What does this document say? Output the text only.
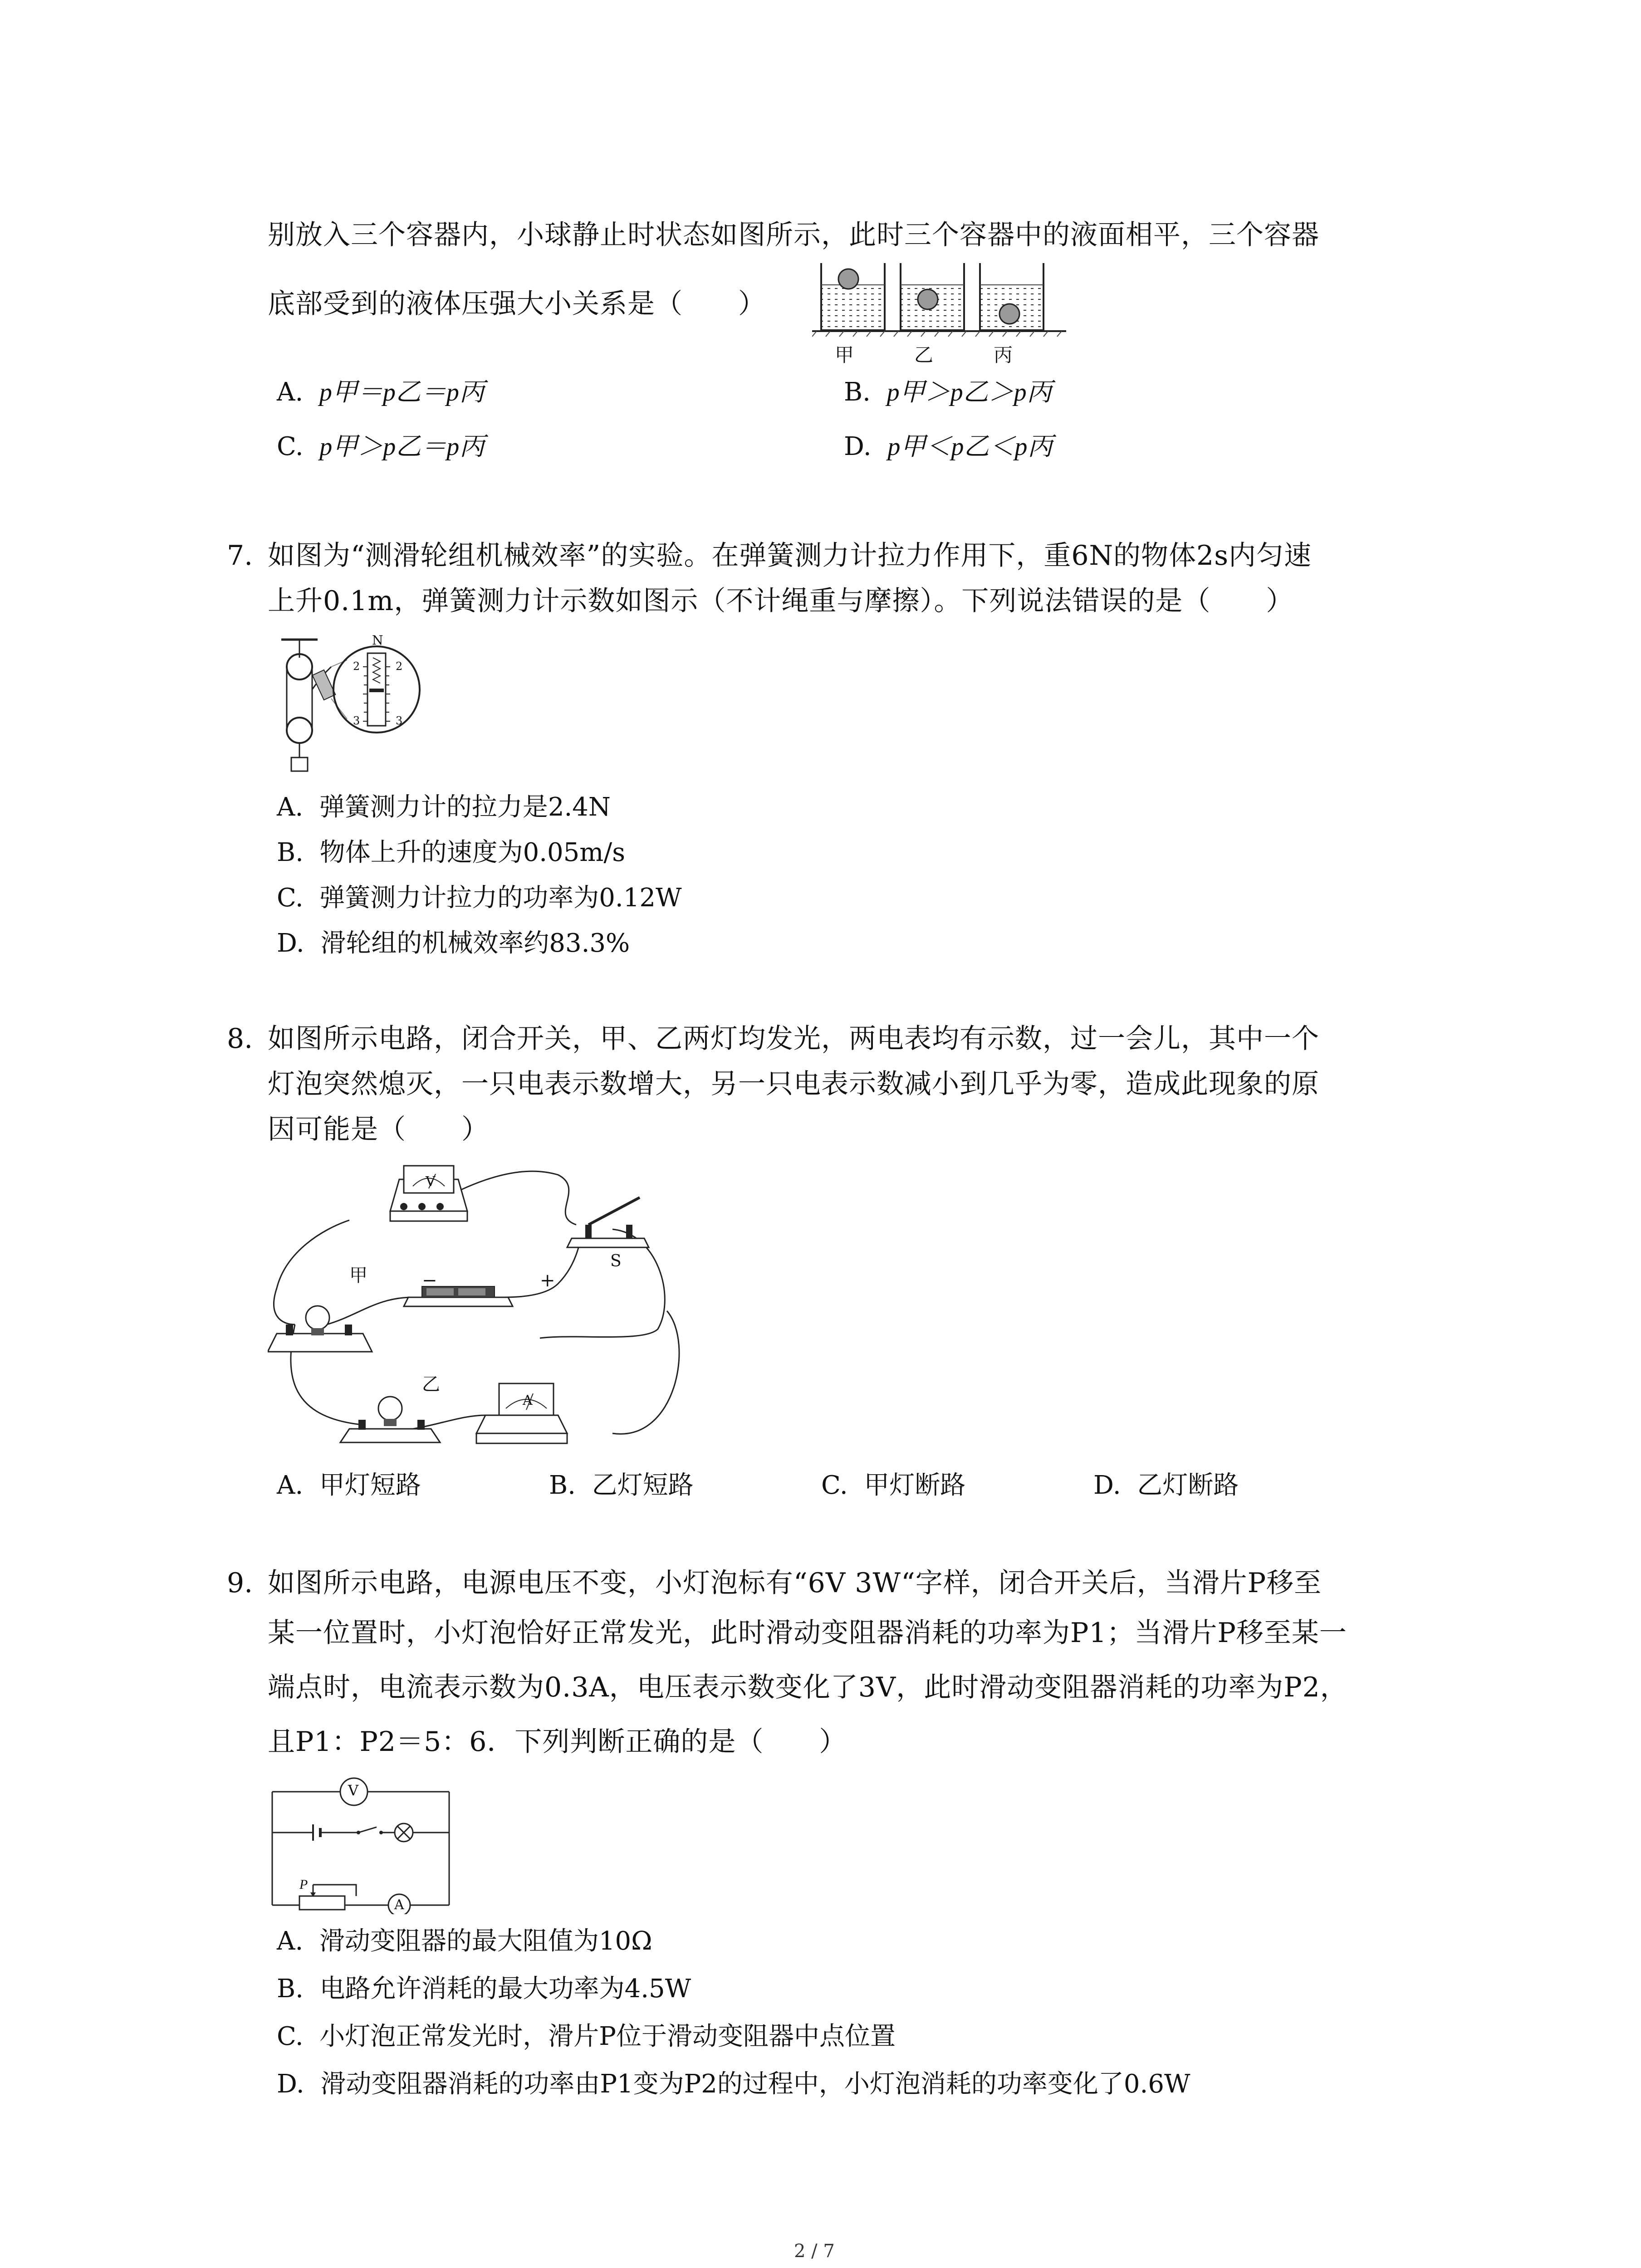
别放入三个容器内，小球静止时状态如图所示，此时三个容器中的液面相平，三个容器
底部受到的液体压强大小关系是（　　）
甲	乙	丙
A. p甲＝p乙＝p丙	B. p甲＞p乙＞p丙
C. p甲＞p乙＝p丙	D. p甲＜p乙＜p丙
7. 如图为“测滑轮组机械效率”的实验。在弹簧测力计拉力作用下，重6N的物体2s内匀速
上升0.1m，弹簧测力计示数如图示（不计绳重与摩擦）。下列说法错误的是（　　）
N
2
3
2
3
A. 弹簧测力计的拉力是2.4N
B. 物体上升的速度为0.05m/s
C. 弹簧测力计拉力的功率为0.12W
D. 滑轮组的机械效率约83.3%
8. 如图所示电路，闭合开关，甲、乙两灯均发光，两电表均有示数，过一会儿，其中一个
灯泡突然熄灭，一只电表示数增大，另一只电表示数减小到几乎为零，造成此现象的原
因可能是（　　）
V
A
S
甲
乙
−	+
A. 甲灯短路	B. 乙灯短路	C. 甲灯断路	D. 乙灯断路
9. 如图所示电路，电源电压不变，小灯泡标有“6V 3W“字样，闭合开关后，当滑片P移至
某一位置时，小灯泡恰好正常发光，此时滑动变阻器消耗的功率为P1；当滑片P移至某一
端点时，电流表示数为0.3A，电压表示数变化了3V，此时滑动变阻器消耗的功率为P2，
且P1：P2＝5：6．下列判断正确的是（　　）
V
A
P
A. 滑动变阻器的最大阻值为10Ω
B. 电路允许消耗的最大功率为4.5W
C. 小灯泡正常发光时，滑片P位于滑动变阻器中点位置
D. 滑动变阻器消耗的功率由P1变为P2的过程中，小灯泡消耗的功率变化了0.6W
2 / 7
